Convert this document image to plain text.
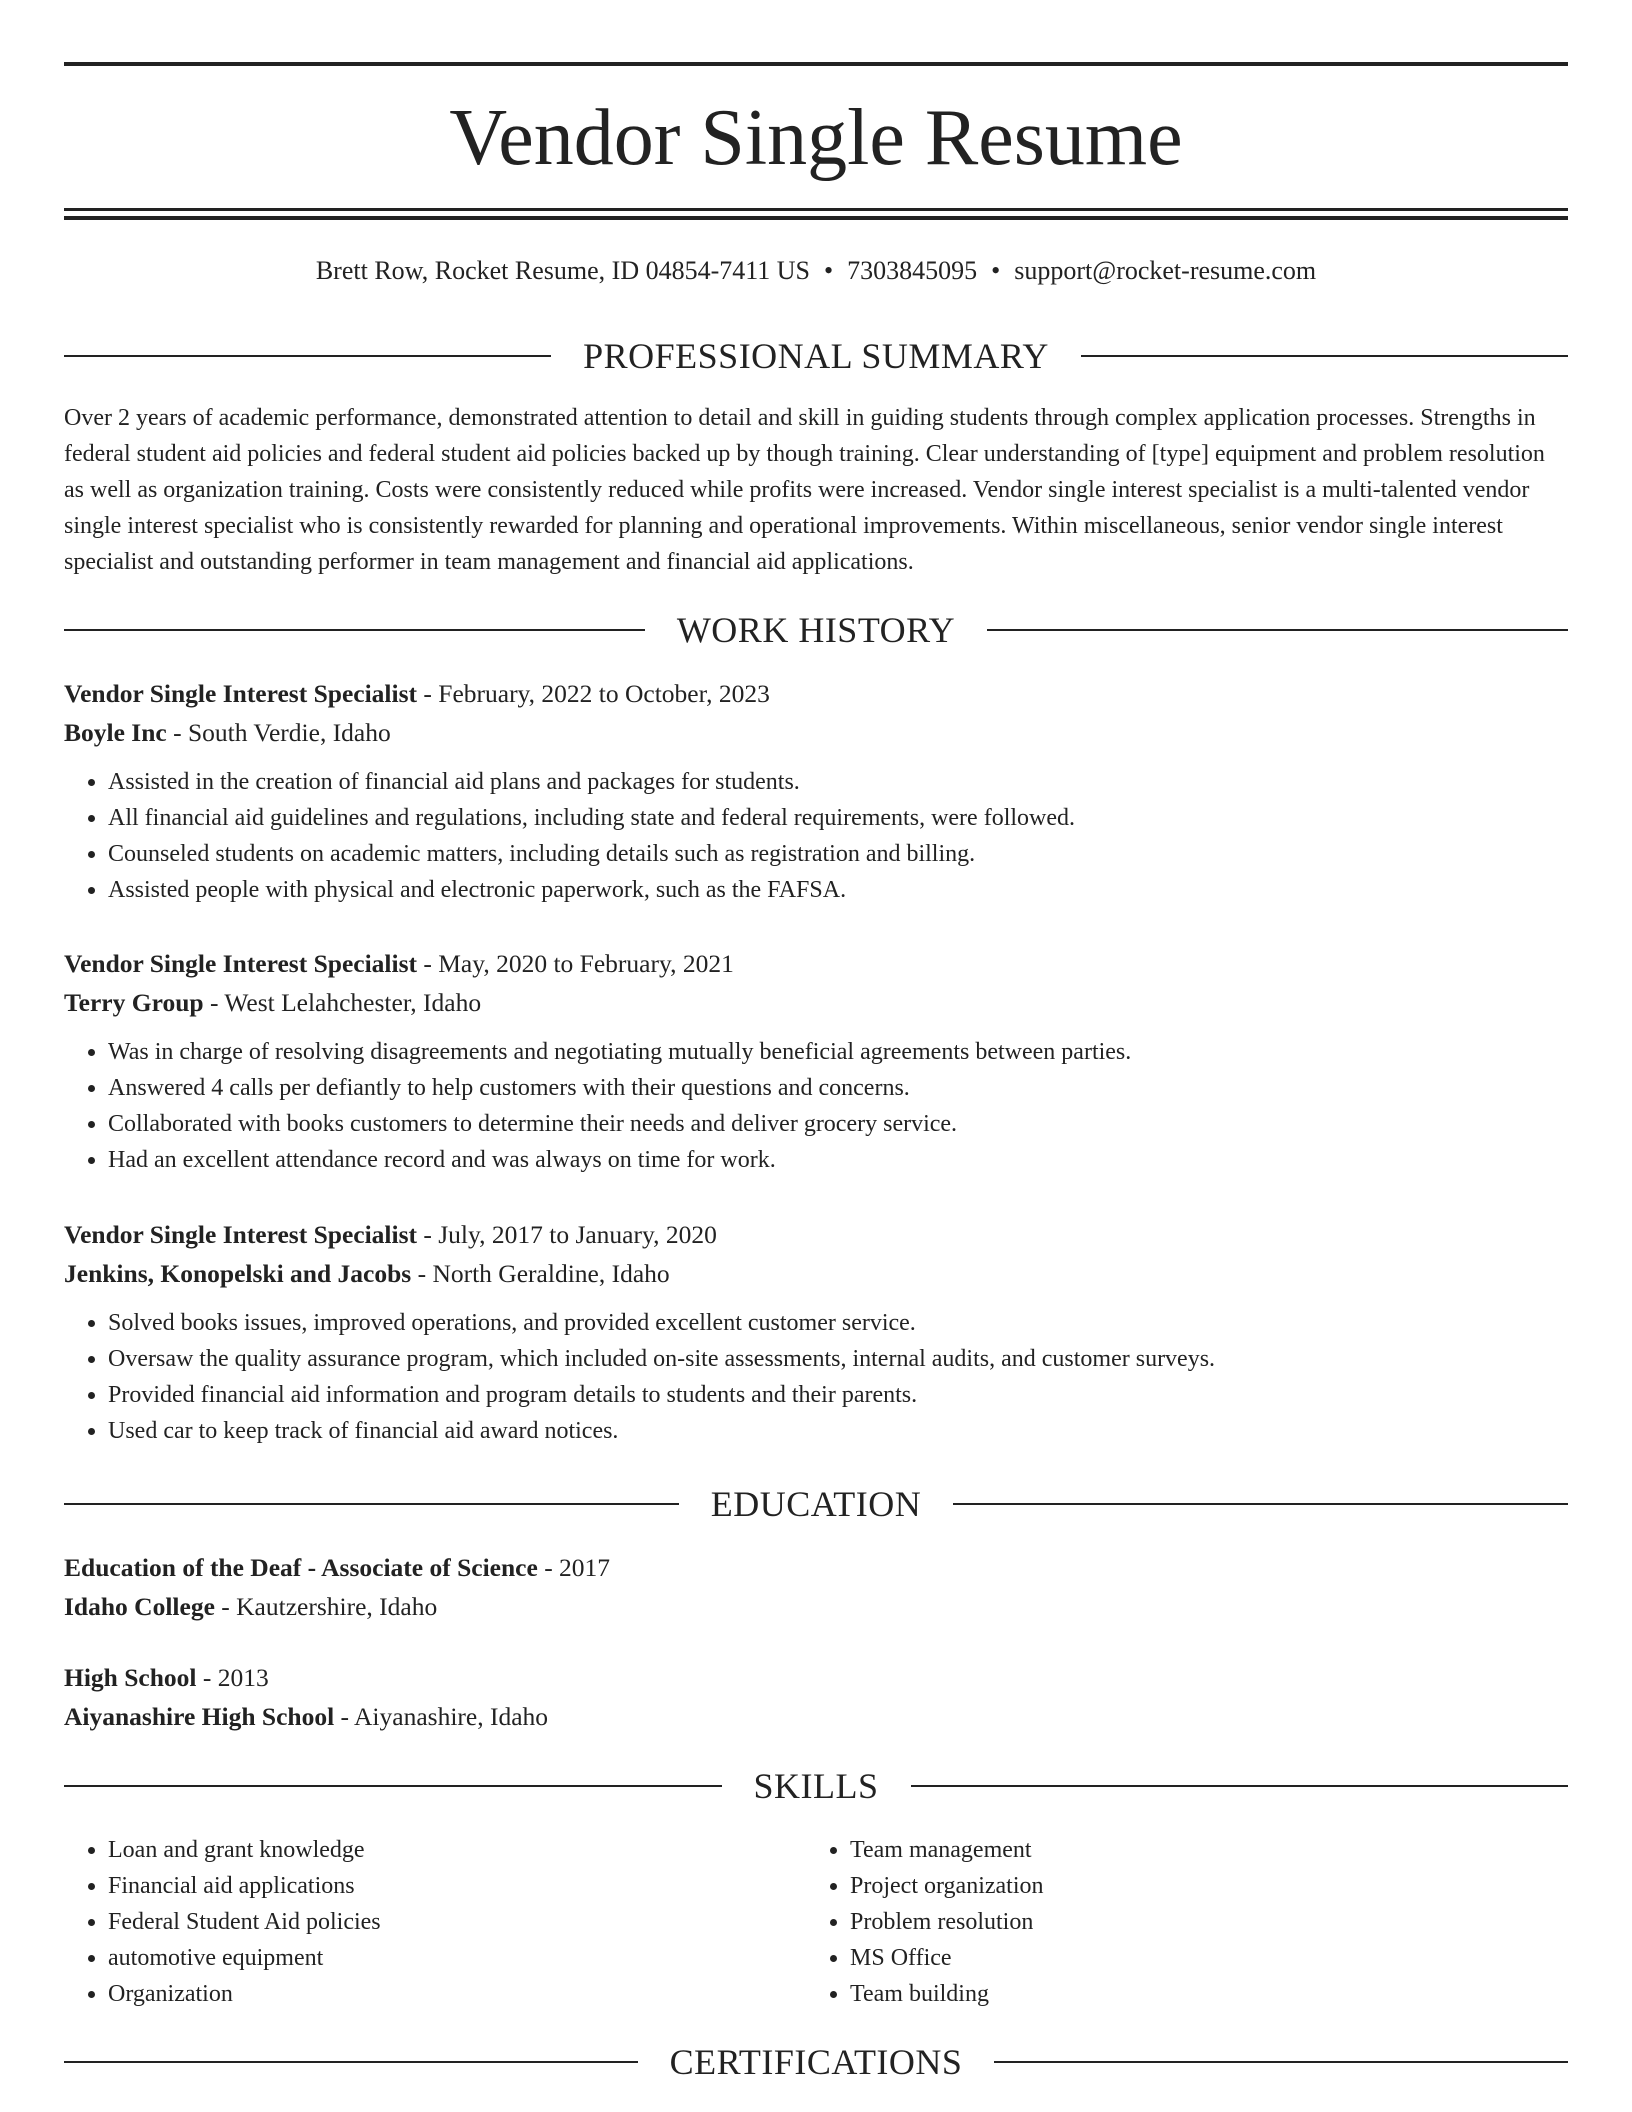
Vendor Single Resume
Brett Row, Rocket Resume, ID 04854-7411 US • 7303845095 • support@rocket-resume.com
PROFESSIONAL SUMMARY
Over 2 years of academic performance, demonstrated attention to detail and skill in guiding students through complex application processes. Strengths in federal student aid policies and federal student aid policies backed up by though training. Clear understanding of [type] equipment and problem resolution as well as organization training. Costs were consistently reduced while profits were increased. Vendor single interest specialist is a multi-talented vendor single interest specialist who is consistently rewarded for planning and operational improvements. Within miscellaneous, senior vendor single interest specialist and outstanding performer in team management and financial aid applications.
WORK HISTORY
Vendor Single Interest Specialist - February, 2022 to October, 2023
Boyle Inc - South Verdie, Idaho
• Assisted in the creation of financial aid plans and packages for students.
• All financial aid guidelines and regulations, including state and federal requirements, were followed.
• Counseled students on academic matters, including details such as registration and billing.
• Assisted people with physical and electronic paperwork, such as the FAFSA.
Vendor Single Interest Specialist - May, 2020 to February, 2021
Terry Group - West Lelahchester, Idaho
• Was in charge of resolving disagreements and negotiating mutually beneficial agreements between parties.
• Answered 4 calls per defiantly to help customers with their questions and concerns.
• Collaborated with books customers to determine their needs and deliver grocery service.
• Had an excellent attendance record and was always on time for work.
Vendor Single Interest Specialist - July, 2017 to January, 2020
Jenkins, Konopelski and Jacobs - North Geraldine, Idaho
• Solved books issues, improved operations, and provided excellent customer service.
• Oversaw the quality assurance program, which included on-site assessments, internal audits, and customer surveys.
• Provided financial aid information and program details to students and their parents.
• Used car to keep track of financial aid award notices.
EDUCATION
Education of the Deaf - Associate of Science - 2017
Idaho College - Kautzershire, Idaho
High School - 2013
Aiyanashire High School - Aiyanashire, Idaho
SKILLS
• Loan and grant knowledge
• Financial aid applications
• Federal Student Aid policies
• automotive equipment
• Organization
• Team management
• Project organization
• Problem resolution
• MS Office
• Team building
CERTIFICATIONS
